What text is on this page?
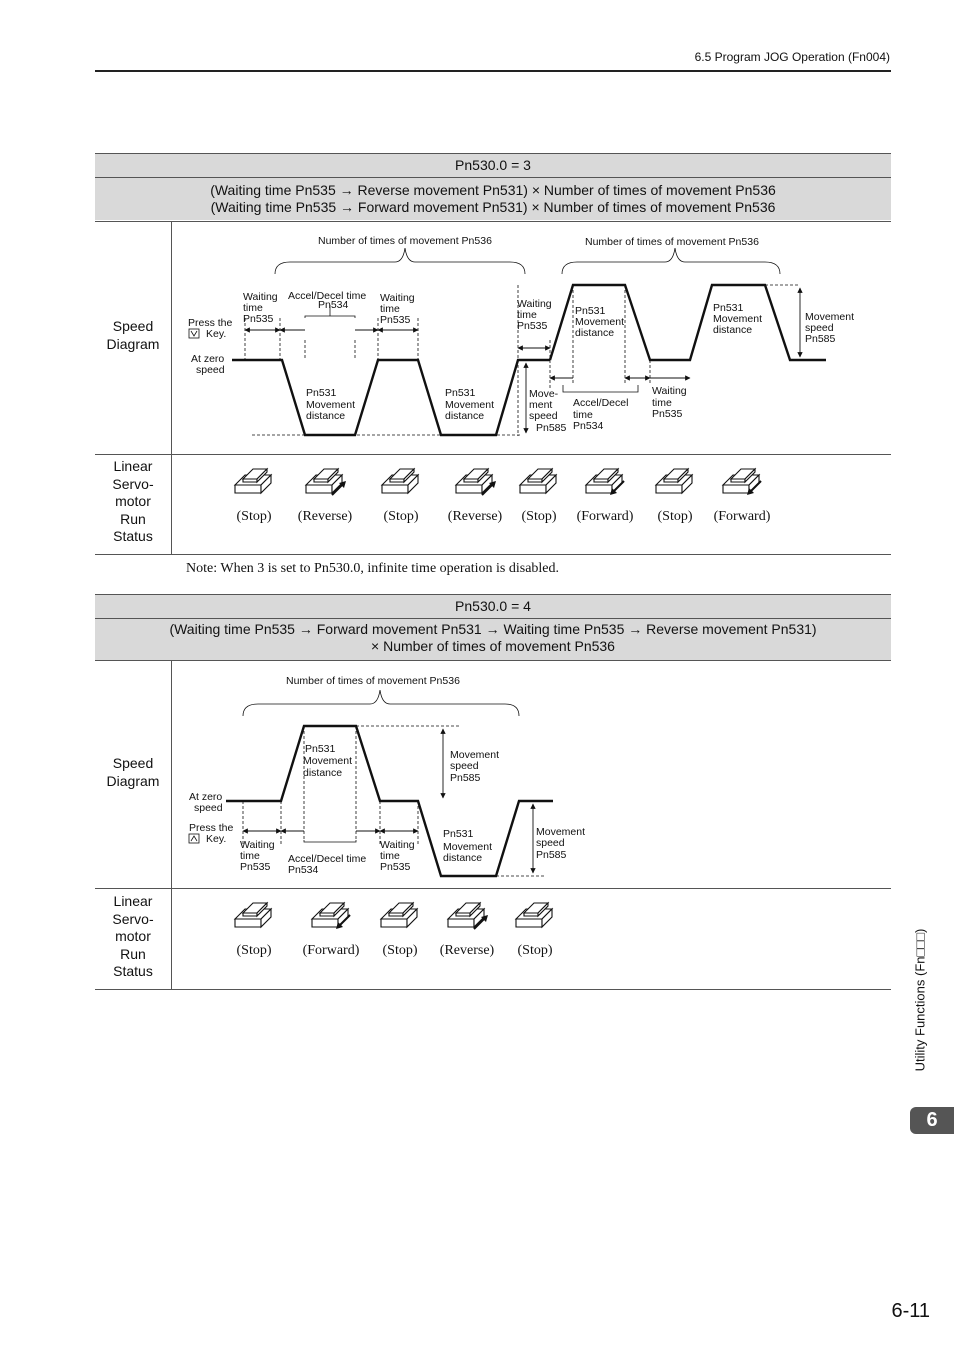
6.5 Program JOG Operation (Fn004)
Pn530.0 = 3
(Waiting time Pn535 → Reverse movement Pn531) × Number of times of movement Pn536
(Waiting time Pn535 → Forward movement Pn531) × Number of times of movement Pn536
Speed
Diagram
Linear
Servo-
motor
Run
Status
Number of times of movement Pn536	Number of times of movement Pn536
Press the
Key.
At zero speed
Waiting time Pn535
Accel/Decel time Pn534
Waiting time Pn535
Waiting time Pn535
Pn531 Movement distance
Pn531 Movement distance
Pn531 Movement distance
Pn531 Movement distance
Move-ment speed Pn585
Accel/Decel time Pn534
Waiting time Pn535
Movement speed Pn585
(Stop)	(Reverse)	(Stop)	(Reverse)	(Stop)	(Forward)	(Stop)	(Forward)
Note: When 3 is set to Pn530.0, infinite time operation is disabled.
Pn530.0 = 4
(Waiting time Pn535 → Forward movement Pn531 → Waiting time Pn535 → Reverse movement Pn531)
× Number of times of movement Pn536
Speed
Diagram
Linear
Servo-
motor
Run
Status
Number of times of movement Pn536
Pn531 Movement distance
Movement speed Pn585
At zero speed
Press the
Key. Waiting time Pn535
Accel/Decel time Pn534
Waiting time Pn535
Pn531 Movement distance
Movement speed Pn585
(Stop)	(Forward)	(Stop)	(Reverse)	(Stop)	Utility Functions (Fn□□□)
6
6-11
